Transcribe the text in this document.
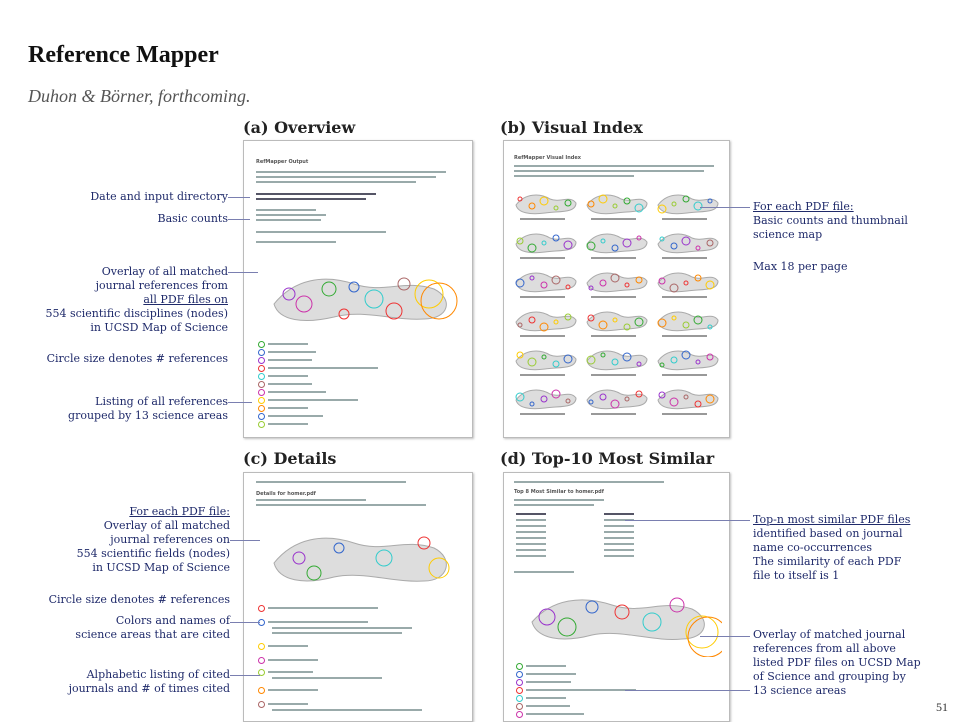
Reference Mapper
Duhon & Börner, forthcoming.
(a) Overview	(b) Visual Index
(c) Details	(d) Top-10 Most Similar
RefMapper Output
RefMapper Visual Index
Details for homer.pdf	Top 8 Most Similar to homer.pdf
Date and input directory
Basic counts
Overlay of all matched
journal references from
all PDF files on
554 scientific disciplines (nodes)
in UCSD Map of Science
Circle size denotes # references
Listing of all references
grouped by 13 science areas
For each PDF file:
Basic counts and thumbnail
science map
Max 18 per page
For each PDF file:
Overlay of all matched
journal references on
554 scientific fields (nodes)
in UCSD Map of Science
Circle size denotes # references
Colors and names of
science areas that are cited
Alphabetic listing of cited
journals and # of times cited
Top-n most similar PDF files
identified based on journal
name co-occurrences
The similarity of each PDF
file to itself is 1
Overlay of matched journal
references from all above
listed PDF files on UCSD Map
of Science and grouping by
13 science areas
51
